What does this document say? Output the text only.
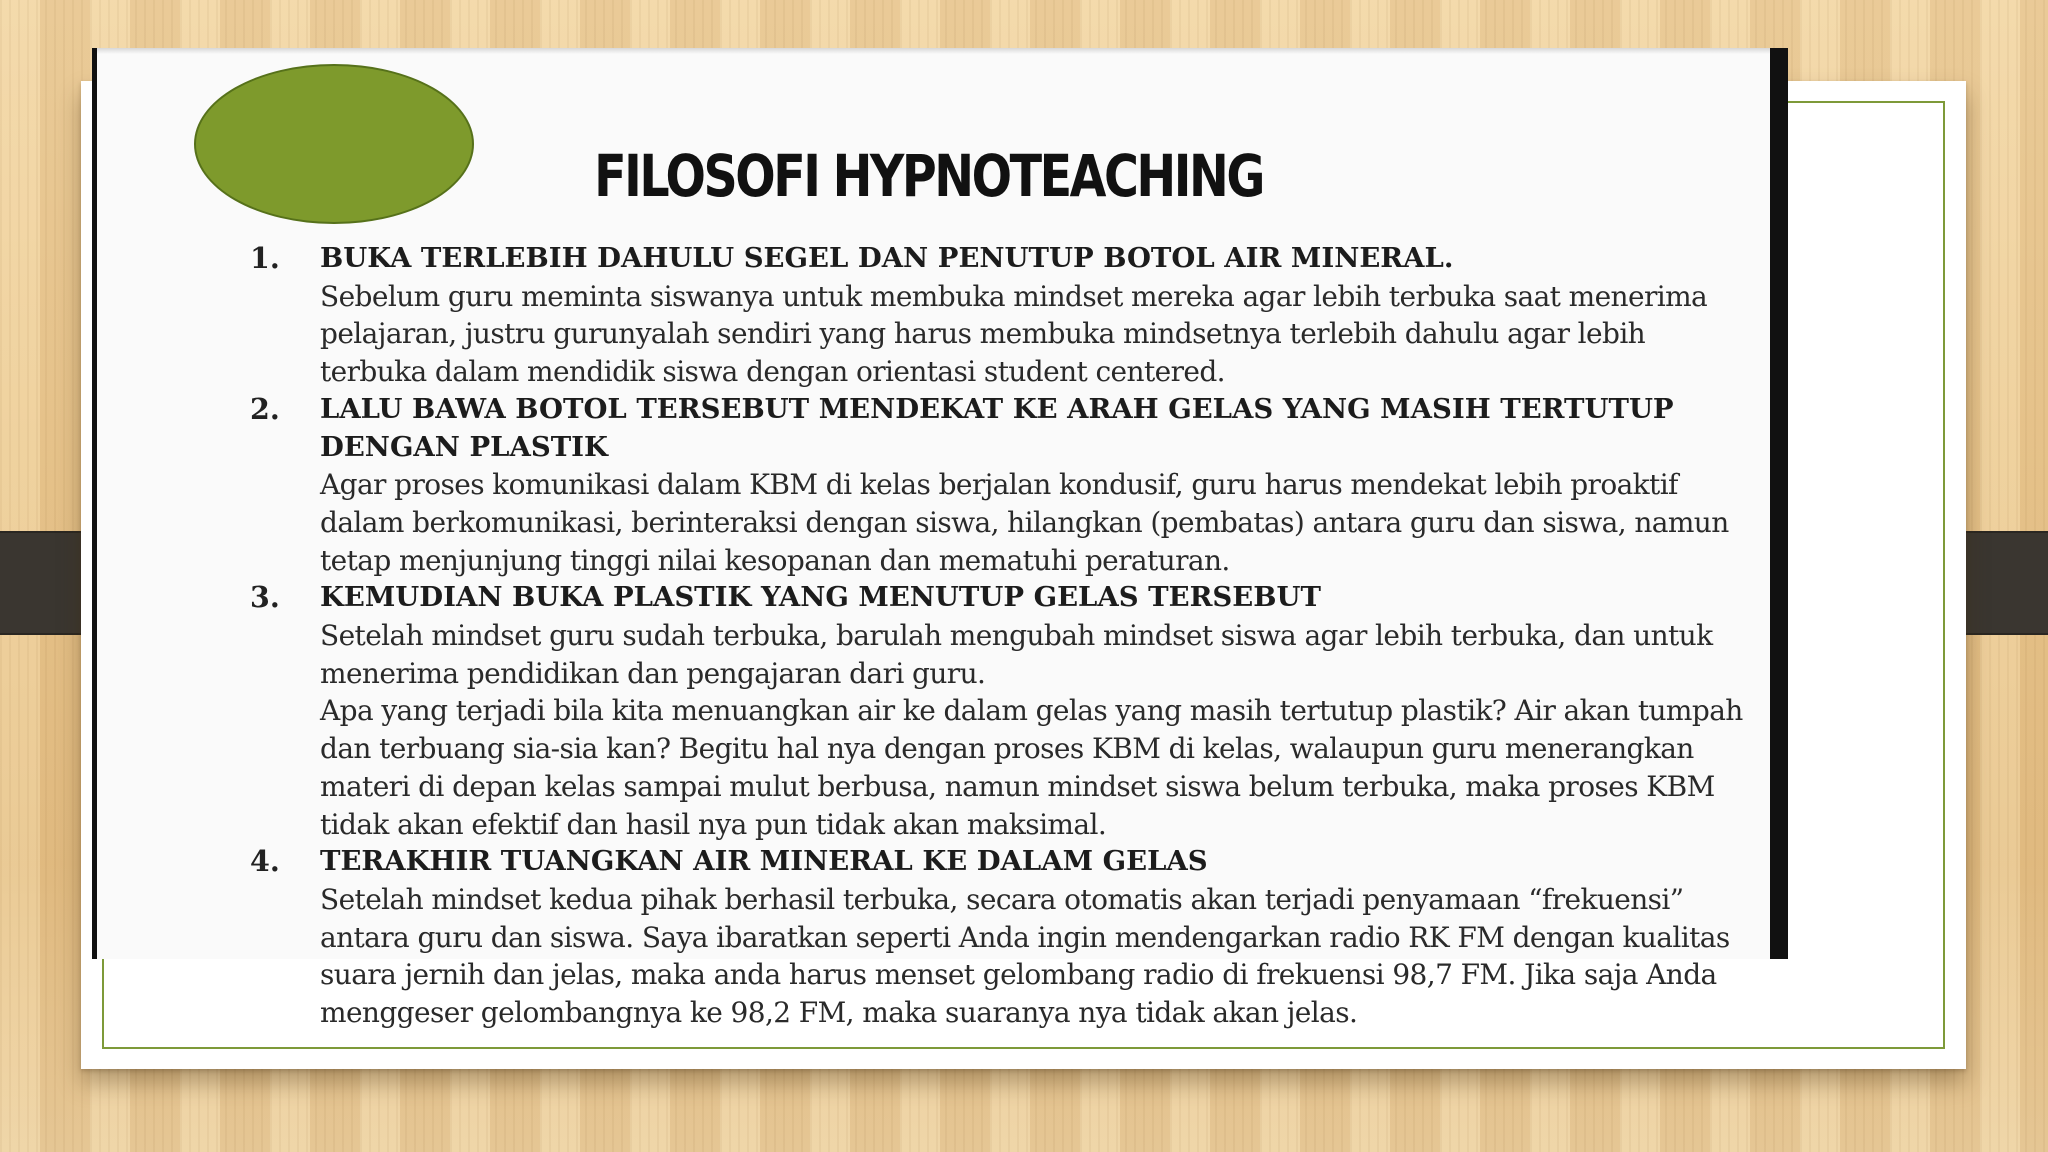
FILOSOFI HYPNOTEACHING
1. BUKA TERLEBIH DAHULU SEGEL DAN PENUTUP BOTOL AIR MINERAL.

Sebelum guru meminta siswanya untuk membuka mindset mereka agar lebih terbuka saat menerima pelajaran, justru gurunyalah sendiri yang harus membuka mindsetnya terlebih dahulu agar lebih terbuka dalam mendidik siswa dengan orientasi student centered.

2. LALU BAWA BOTOL TERSEBUT MENDEKAT KE ARAH GELAS YANG MASIH TERTUTUP DENGAN PLASTIK

Agar proses komunikasi dalam KBM di kelas berjalan kondusif, guru harus mendekat lebih proaktif dalam berkomunikasi, berinteraksi dengan siswa, hilangkan (pembatas) antara guru dan siswa, namun tetap menjunjung tinggi nilai kesopanan dan mematuhi peraturan.

3. KEMUDIAN BUKA PLASTIK YANG MENUTUP GELAS TERSEBUT

Setelah mindset guru sudah terbuka, barulah mengubah mindset siswa agar lebih terbuka, dan untuk menerima pendidikan dan pengajaran dari guru.

Apa yang terjadi bila kita menuangkan air ke dalam gelas yang masih tertutup plastik? Air akan tumpah dan terbuang sia-sia kan? Begitu hal nya dengan proses KBM di kelas, walaupun guru menerangkan materi di depan kelas sampai mulut berbusa, namun mindset siswa belum terbuka, maka proses KBM tidak akan efektif dan hasil nya pun tidak akan maksimal.

4. TERAKHIR TUANGKAN AIR MINERAL KE DALAM GELAS

Setelah mindset kedua pihak berhasil terbuka, secara otomatis akan terjadi penyamaan “frekuensi” antara guru dan siswa. Saya ibaratkan seperti Anda ingin mendengarkan radio RK FM dengan kualitas suara jernih dan jelas, maka anda harus menset gelombang radio di frekuensi 98,7 FM. Jika saja Anda menggeser gelombangnya ke 98,2 FM, maka suaranya nya tidak akan jelas.
